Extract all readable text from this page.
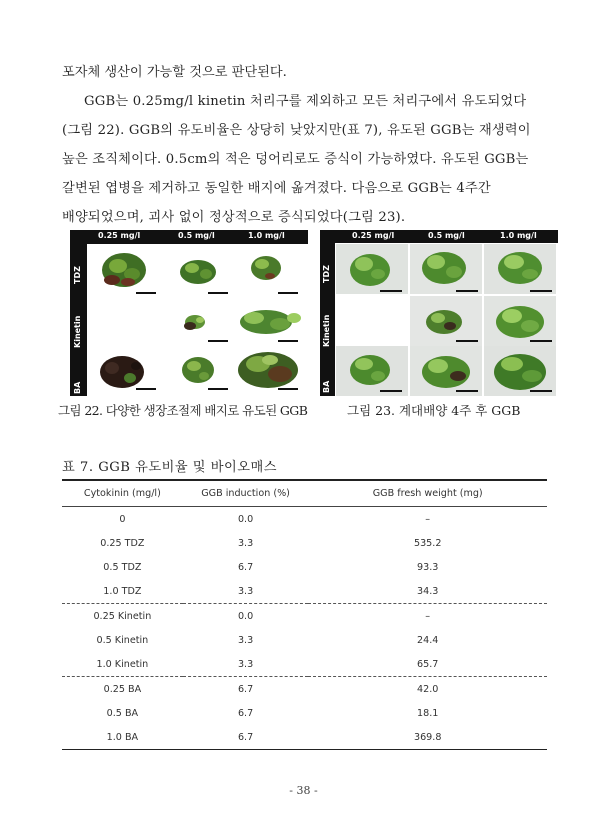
포자체 생산이 가능할 것으로 판단된다.
GGB는 0.25mg/l kinetin 처리구를 제외하고 모든 처리구에서 유도되었다
(그림 22). GGB의 유도비율은 상당히 낮았지만(표 7), 유도된 GGB는 재생력이
높은 조직체이다. 0.5cm의 적은 덩어리로도 증식이 가능하였다. 유도된 GGB는
갈변된 엽병을 제거하고 동일한 배지에 옮겨졌다. 다음으로 GGB는 4주간
배양되었으며, 괴사 없이 정상적으로 증식되었다(그림 23).
0.25 mg/l	0.5 mg/l	1.0 mg/l
TDZ
Kinetin
BA
0.25 mg/l	0.5 mg/l	1.0 mg/l
TDZ
Kinetin
BA
그림 22. 다양한 생장조절제 배지로 유도된 GGB	그림 23. 계대배양 4주 후 GGB
표 7. GGB 유도비율 및 바이오매스
Cytokinin (mg/l)	GGB induction (%)	GGB fresh weight (mg)
0	0.0	–
0.25 TDZ	3.3	535.2
0.5 TDZ	6.7	93.3
1.0 TDZ	3.3	34.3
0.25 Kinetin	0.0	–
0.5 Kinetin	3.3	24.4
1.0 Kinetin	3.3	65.7
0.25 BA	6.7	42.0
0.5 BA	6.7	18.1
1.0 BA	6.7	369.8
- 38 -
